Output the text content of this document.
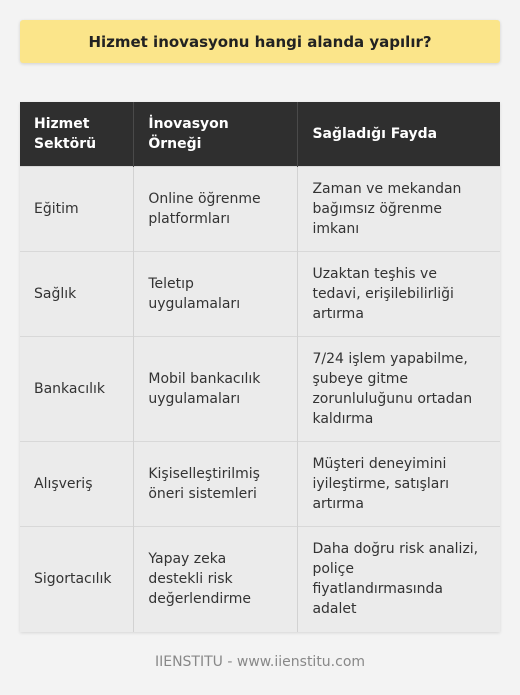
Hizmet inovasyonu hangi alanda yapılır?
Hizmet Sektörü	İnovasyon Örneği	Sağladığı Fayda
Eğitim	Online öğrenme platformları	Zaman ve mekandan bağımsız öğrenme imkanı
Sağlık	Teletıp uygulamaları	Uzaktan teşhis ve tedavi, erişilebilirliği artırma
Bankacılık	Mobil bankacılık uygulamaları	7/24 işlem yapabilme, şubeye gitme zorunluluğunu ortadan kaldırma
Alışveriş	Kişiselleştirilmiş öneri sistemleri	Müşteri deneyimini iyileştirme, satışları artırma
Sigortacılık	Yapay zeka destekli risk değerlendirme	Daha doğru risk analizi, poliçe fiyatlandırmasında adalet
IIENSTITU - www.iienstitu.com
